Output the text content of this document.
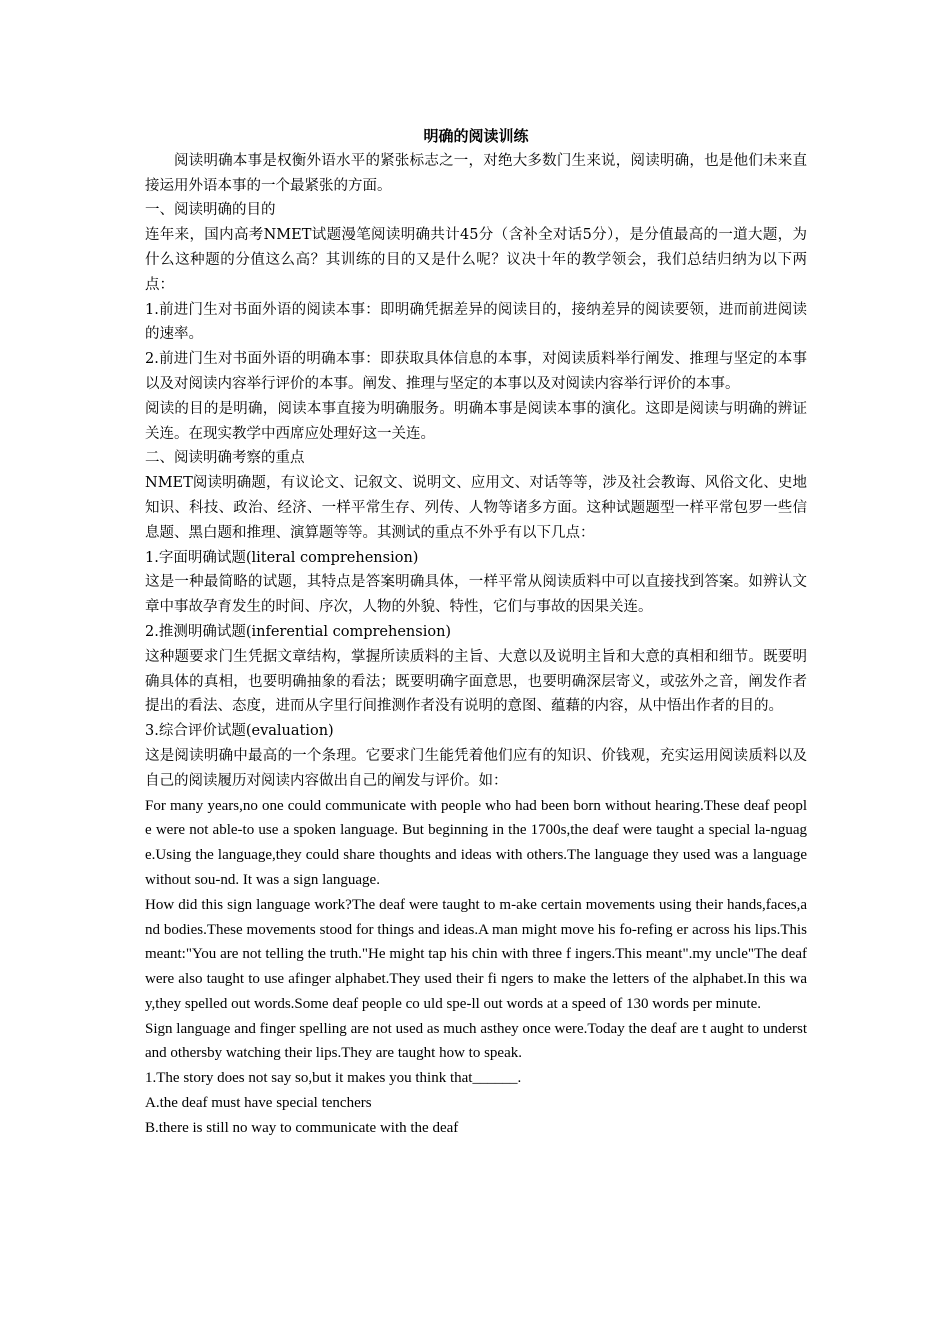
明确的阅读训练

阅读明确本事是权衡外语水平的紧张标志之一，对绝大多数门生来说，阅读明确，也是他们未来直接运用外语本事的一个最紧张的方面。

一、阅读明确的目的

连年来，国内高考NMET试题漫笔阅读明确共计45分（含补全对话5分），是分值最高的一道大题，为什么这种题的分值这么高？其训练的目的又是什么呢？议决十年的教学领会，我们总结归纳为以下两点：

1.前进门生对书面外语的阅读本事：即明确凭据差异的阅读目的，接纳差异的阅读要领，进而前进阅读的速率。

2.前进门生对书面外语的明确本事：即获取具体信息的本事，对阅读质料举行阐发、推理与坚定的本事以及对阅读内容举行评价的本事。阐发、推理与坚定的本事以及对阅读内容举行评价的本事。

阅读的目的是明确，阅读本事直接为明确服务。明确本事是阅读本事的演化。这即是阅读与明确的辨证关连。在现实教学中西席应处理好这一关连。

二、阅读明确考察的重点

NMET阅读明确题，有议论文、记叙文、说明文、应用文、对话等等，涉及社会教诲、风俗文化、史地知识、科技、政治、经济、一样平常生存、列传、人物等诸多方面。这种试题题型一样平常包罗一些信息题、黑白题和推理、演算题等等。其测试的重点不外乎有以下几点：

1.字面明确试题(literal comprehension)

这是一种最简略的试题，其特点是答案明确具体，一样平常从阅读质料中可以直接找到答案。如辨认文章中事故孕育发生的时间、序次，人物的外貌、特性，它们与事故的因果关连。

2.推测明确试题(inferential comprehension)

这种题要求门生凭据文章结构，掌握所读质料的主旨、大意以及说明主旨和大意的真相和细节。既要明确具体的真相，也要明确抽象的看法；既要明确字面意思，也要明确深层寄义，或弦外之音，阐发作者提出的看法、态度，进而从字里行间推测作者没有说明的意图、蕴藉的内容，从中悟出作者的目的。

3.综合评价试题(evaluation)

这是阅读明确中最高的一个条理。它要求门生能凭着他们应有的知识、价钱观，充实运用阅读质料以及自己的阅读履历对阅读内容做出自己的阐发与评价。如：

For many years,no one could communicate with people who had been born without hearing.These deaf people were not able-to use a spoken language. But beginning in the 1700s,the deaf were taught a special la-nguage.Using the language,they could share thoughts and ideas with others.The language they used was a language without sou-nd. It was a sign language.

How did this sign language work?The deaf were taught to m-ake certain movements using their hands,faces,and bodies.These movements stood for things and ideas.A man might move his fo-refing er across his lips.This meant:"You are not telling the truth."He might tap his chin with three f ingers.This meant".my uncle"The deaf were also taught to use afinger alphabet.They used their fi ngers to make the letters of the alphabet.In this way,they spelled out words.Some deaf people co uld spe-ll out words at a speed of 130 words per minute.

Sign language and finger spelling are not used as much asthey once were.Today the deaf are t aught to understand othersby watching their lips.They are taught how to speak.

1.The story does not say so,but it makes you think that______.

A.the deaf must have special tenchers

B.there is still no way to communicate with the deaf
